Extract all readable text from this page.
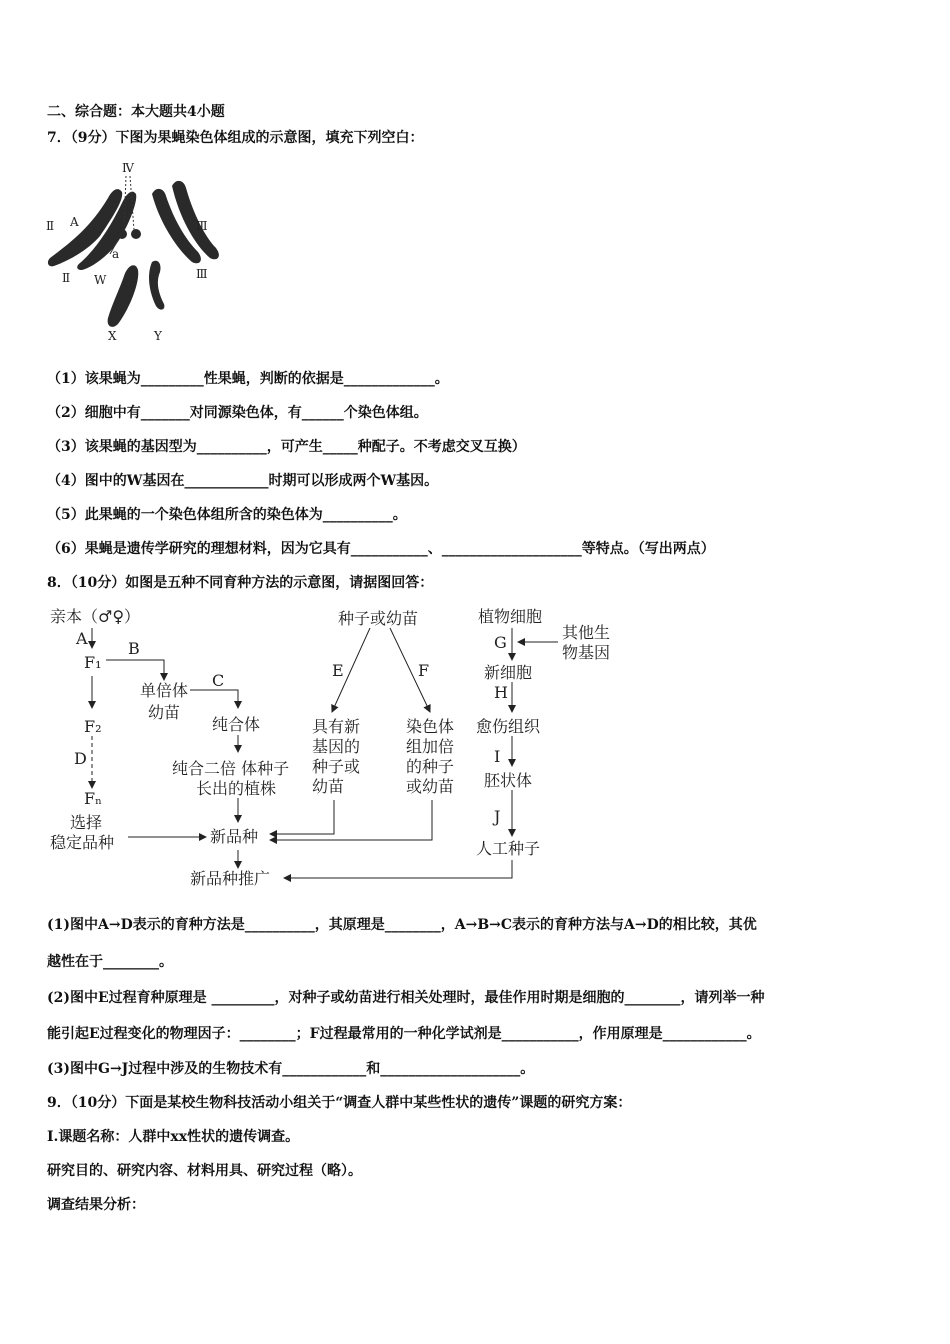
二、综合题：本大题共4小题
7．（9分）下图为果蝇染色体组成的示意图，填充下列空白：
Ⅳ
Ⅱ A	Ⅲ
a
Ⅱ W	Ⅲ
X	Y
（1）该果蝇为_________性果蝇，判断的依据是_____________。
（2）细胞中有_______对同源染色体，有______个染色体组。
（3）该果蝇的基因型为__________，可产生_____种配子。不考虑交叉互换）
（4）图中的W基因在____________时期可以形成两个W基因。
（5）此果蝇的一个染色体组所含的染色体为__________。
（6）果蝇是遗传学研究的理想材料，因为它具有___________、____________________等特点。（写出两点）
8．（10分）如图是五种不同育种方法的示意图，请据图回答：
亲本（♂♀）
A
F₁
B
单倍体
幼苗
C
纯合体
纯合二倍 体种子
长出的植株
F₂
D
Fₙ
选择
稳定品种	新品种
新品种推广
种子或幼苗
E	F
具有新
基因的
种子或
幼苗
染色体
组加倍
的种子
或幼苗
植物细胞
G
其他生
物基因
新细胞
H
愈伤组织
I
胚状体
J
人工种子
(1)图中A→D表示的育种方法是__________，其原理是________，A→B→C表示的育种方法与A→D的相比较，其优
越性在于________。
(2)图中E过程育种原理是 _________，对种子或幼苗进行相关处理时，最佳作用时期是细胞的________，请列举一种
能引起E过程变化的物理因子：________；F过程最常用的一种化学试剂是___________，作用原理是____________。
(3)图中G→J过程中涉及的生物技术有____________和____________________。
9．（10分）下面是某校生物科技活动小组关于“调查人群中某些性状的遗传”课题的研究方案：
I.课题名称：人群中xx性状的遗传调查。
研究目的、研究内容、材料用具、研究过程（略）。
调查结果分析：
